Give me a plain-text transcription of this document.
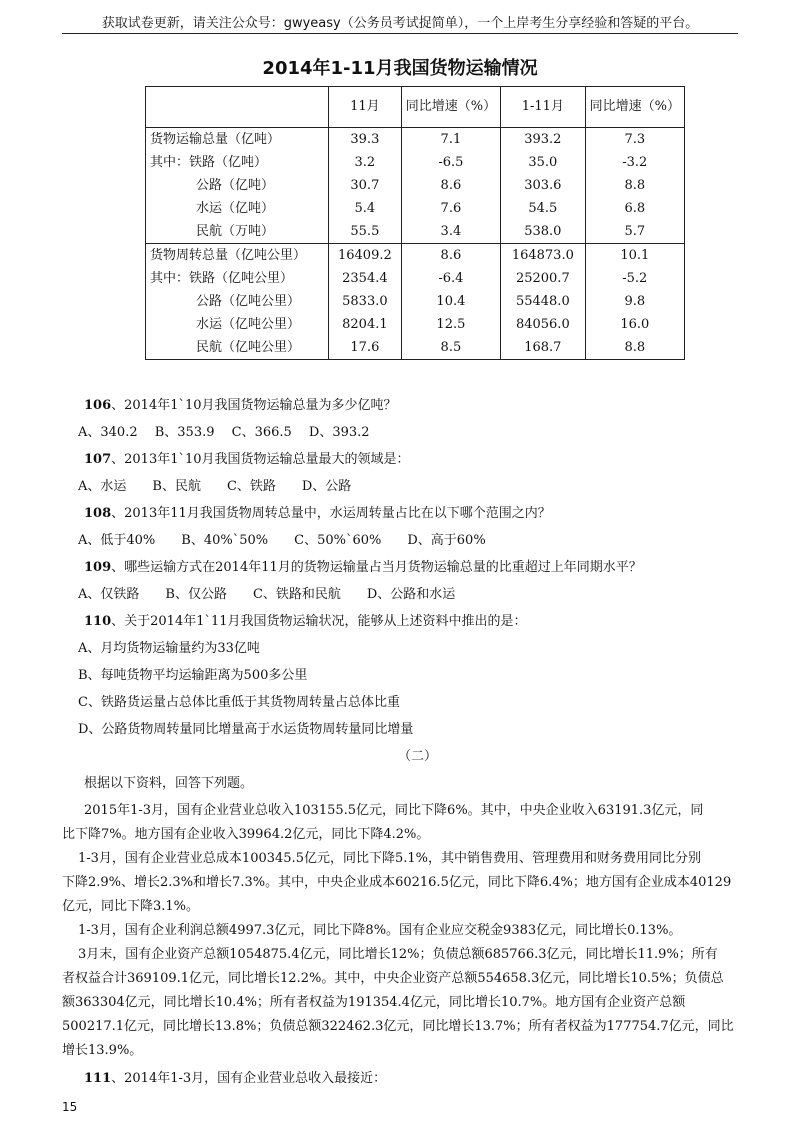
获取试卷更新，请关注公众号：gwyeasy（公务员考试捉简单），一个上岸考生分享经验和答疑的平台。
2014年1-11月我国货物运输情况
	11月	同比增速（%）	1-11月	同比增速（%）
货物运输总量（亿吨）	39.3	7.1	393.2	7.3
其中：铁路（亿吨）	3.2	-6.5	35.0	-3.2
公路（亿吨）	30.7	8.6	303.6	8.8
水运（亿吨）	5.4	7.6	54.5	6.8
民航（万吨）	55.5	3.4	538.0	5.7
货物周转总量（亿吨公里）	16409.2	8.6	164873.0	10.1
其中：铁路（亿吨公里）	2354.4	-6.4	25200.7	-5.2
公路（亿吨公里）	5833.0	10.4	55448.0	9.8
水运（亿吨公里）	8204.1	12.5	84056.0	16.0
民航（亿吨公里）	17.6	8.5	168.7	8.8
106、2014年1`10月我国货物运输总量为多少亿吨？
A、340.2　 B、353.9　 C、366.5　 D、393.2
107、2013年1`10月我国货物运输总量最大的领域是：
A、水运　　B、民航　　C、铁路　　D、公路
108、2013年11月我国货物周转总量中，水运周转量占比在以下哪个范围之内？
A、低于40%　　B、40%`50%　　C、50%`60%　　D、高于60%
109、哪些运输方式在2014年11月的货物运输量占当月货物运输总量的比重超过上年同期水平？
A、仅铁路　　B、仅公路　　C、铁路和民航　　D、公路和水运
110、关于2014年1`11月我国货物运输状况，能够从上述资料中推出的是：
A、月均货物运输量约为33亿吨
B、每吨货物平均运输距离为500多公里
C、铁路货运量占总体比重低于其货物周转量占总体比重
D、公路货物周转量同比增量高于水运货物周转量同比增量
（二）
根据以下资料，回答下列题。
2015年1-3月，国有企业营业总收入103155.5亿元，同比下降6%。其中，中央企业收入63191.3亿元，同
比下降7%。地方国有企业收入39964.2亿元，同比下降4.2%。
1-3月，国有企业营业总成本100345.5亿元，同比下降5.1%，其中销售费用、管理费用和财务费用同比分别
下降2.9%、增长2.3%和增长7.3%。其中，中央企业成本60216.5亿元，同比下降6.4%；地方国有企业成本40129
亿元，同比下降3.1%。
1-3月，国有企业利润总额4997.3亿元，同比下降8%。国有企业应交税金9383亿元，同比增长0.13%。
3月末，国有企业资产总额1054875.4亿元，同比增长12%；负债总额685766.3亿元，同比增长11.9%；所有
者权益合计369109.1亿元，同比增长12.2%。其中，中央企业资产总额554658.3亿元，同比增长10.5%；负债总
额363304亿元，同比增长10.4%；所有者权益为191354.4亿元，同比增长10.7%。地方国有企业资产总额
500217.1亿元，同比增长13.8%；负债总额322462.3亿元，同比增长13.7%；所有者权益为177754.7亿元，同比
增长13.9%。
111、2014年1-3月，国有企业营业总收入最接近：
15
